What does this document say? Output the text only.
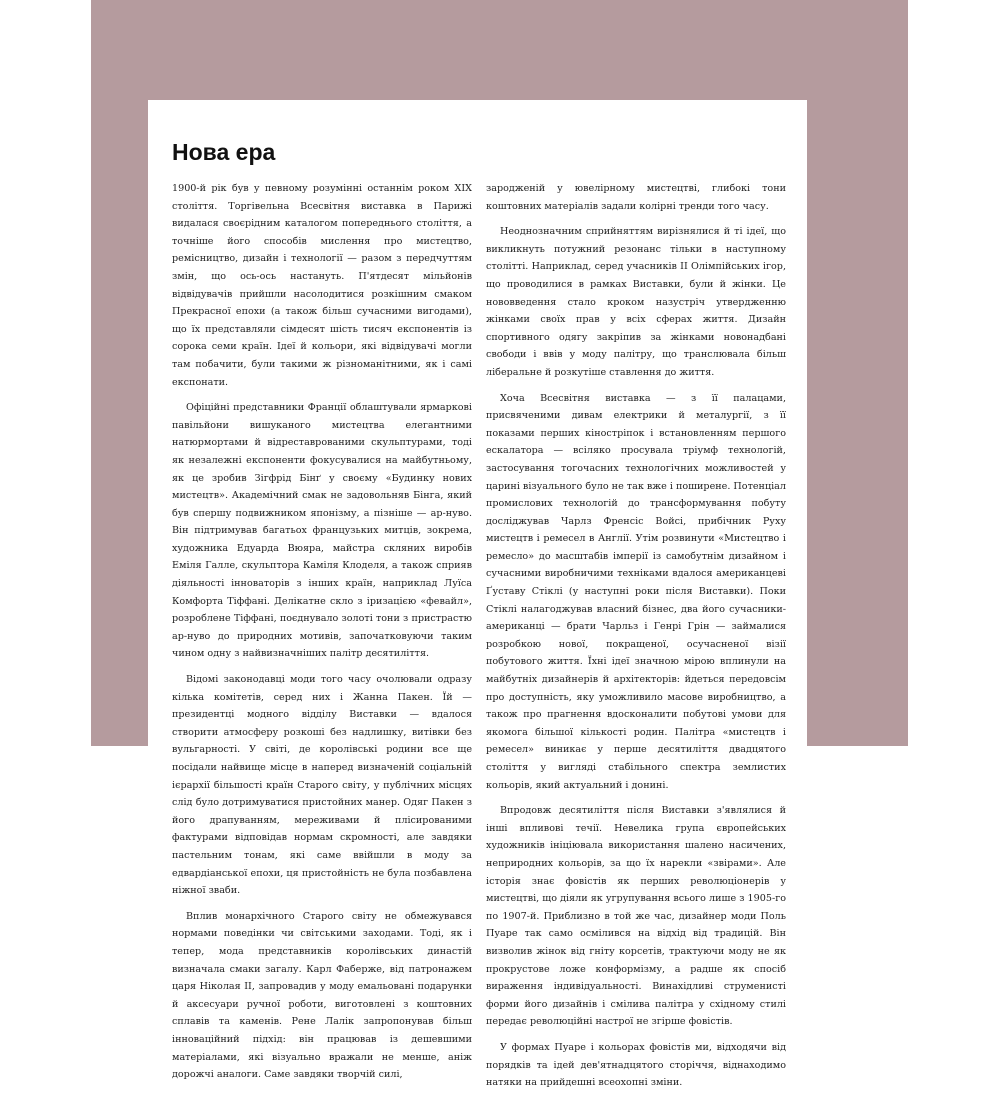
Нова ера

1900-й рік був у певному розумінні останнім роком XIX століття. Торгівельна Всесвітня виставка в Парижі видалася своєрідним каталогом попереднього століття, а точніше його способів мислення про мистецтво, ремісництво, дизайн і технології — разом з передчуттям змін, що ось-ось настануть. П'ятдесят мільйонів відвідувачів прийшли насолодитися розкішним смаком Прекрасної епохи (а також більш сучасними вигодами), що їх представляли сімдесят шість тисяч експонентів із сорока семи країн. Ідеї й кольори, які відвідувачі могли там побачити, були такими ж різноманітними, як і самі експонати.

Офіційні представники Франції облаштували ярмаркові павільйони вишуканого мистецтва елегантними натюрмортами й відреставрованими скульптурами, тоді як незалежні експоненти фокусувалися на майбутньому, як це зробив Зігфрід Бінґ у своєму «Будинку нових мистецтв». Академічний смак не задовольняв Бінга, який був спершу подвижником японізму, а пізніше — ар-нуво. Він підтримував багатьох французьких митців, зокрема, художника Едуарда Вюяра, майстра скляних виробів Еміля Галле, скульптора Каміля Клоделя, а також сприяв діяльності інноваторів з інших країн, наприклад Луїса Комфорта Тіффані. Делікатне скло з іризацією «февайл», розроблене Тіффані, поєднувало золоті тони з пристрастю ар-нуво до природних мотивів, започатковуючи таким чином одну з найвизначніших палітр десятиліття.

Відомі законодавці моди того часу очолювали одразу кілька комітетів, серед них і Жанна Пакен. Їй — президентці модного відділу Виставки — вдалося створити атмосферу розкоші без надлишку, витівки без вульгарності. У світі, де королівські родини все ще посідали найвище місце в наперед визначеній соціальній ієрархії більшості країн Старого світу, у публічних місцях слід було дотримуватися пристойних манер. Одяг Пакен з його драпуванням, мереживами й плісированими фактурами відповідав нормам скромності, але завдяки пастельним тонам, які саме ввійшли в моду за едвардіанської епохи, ця пристойність не була позбавлена ніжної зваби.

Вплив монархічного Старого світу не обмежувався нормами поведінки чи світськими заходами. Тоді, як і тепер, мода представників королівських династій визначала смаки загалу. Карл Фаберже, від патронажем царя Ніколая II, запровадив у моду емальовані подарунки й аксесуари ручної роботи, виготовлені з коштовних сплавів та каменів. Рене Лалік запропонував більш інноваційний підхід: він працював із дешевшими матеріалами, які візуально вражали не менше, аніж дорожчі аналоги. Саме завдяки творчій силі,

зародженій у ювелірному мистецтві, глибокі тони коштовних матеріалів задали колірні тренди того часу.

Неоднозначним сприйняттям вирізнялися й ті ідеї, що викликнуть потужний резонанс тільки в наступному столітті. Наприклад, серед учасників II Олімпійських ігор, що проводилися в рамках Виставки, були й жінки. Це нововведення стало кроком назустріч утвердженню жінками своїх прав у всіх сферах життя. Дизайн спортивного одягу закріпив за жінками новонадбані свободи і ввів у моду палітру, що транслювала більш ліберальне й розкутіше ставлення до життя.

Хоча Всесвітня виставка — з її палацами, присвяченими дивам електрики й металургії, з її показами перших кіностріпок і встановленням першого ескалатора — всіляко просувала тріумф технологій, застосування тогочасних технологічних можливостей у царині візуального було не так вже і поширене. Потенціал промислових технологій до трансформування побуту досліджував Чарлз Френсіс Войсі, прибічник Руху мистецтв і ремесел в Англії. Утім розвинути «Мистецтво і ремесло» до масштабів імперії із самобутнім дизайном і сучасними виробничими техніками вдалося американцеві Ґуставу Стіклі (у наступні роки після Виставки). Поки Стіклі налагоджував власний бізнес, два його сучасники-американці — брати Чарльз і Генрі Грін — займалися розробкою нової, покращеної, осучасненої візії побутового життя. Їхні ідеї значною мірою вплинули на майбутніх дизайнерів й архітекторів: йдеться передовсім про доступність, яку уможливило масове виробництво, а також про прагнення вдосконалити побутові умови для якомога більшої кількості родин. Палітра «мистецтв і ремесел» виникає у перше десятиліття двадцятого століття у вигляді стабільного спектра землистих кольорів, який актуальний і донині.

Впродовж десятиліття після Виставки з'являлися й інші впливові течії. Невелика група європейських художників ініціювала використання шалено насичених, неприродних кольорів, за що їх нарекли «звірами». Але історія знає фовістів як перших революціонерів у мистецтві, що діяли як угрупування всього лише з 1905-го по 1907-й. Приблизно в той же час, дизайнер моди Поль Пуаре так само осмілився на відхід від традицій. Він визволив жінок від гніту корсетів, трактуючи моду не як прокрустове ложе конформізму, а радше як спосіб вираження індивідуальності. Винахідливі струменисті форми його дизайнів і смілива палітра у східному стилі передає революційні настрої не згірше фовістів.

У формах Пуаре і кольорах фовістів ми, відходячи від порядків та ідей дев'ятнадцятого сторіччя, віднаходимо натяки на прийдешні всеохопні зміни.
